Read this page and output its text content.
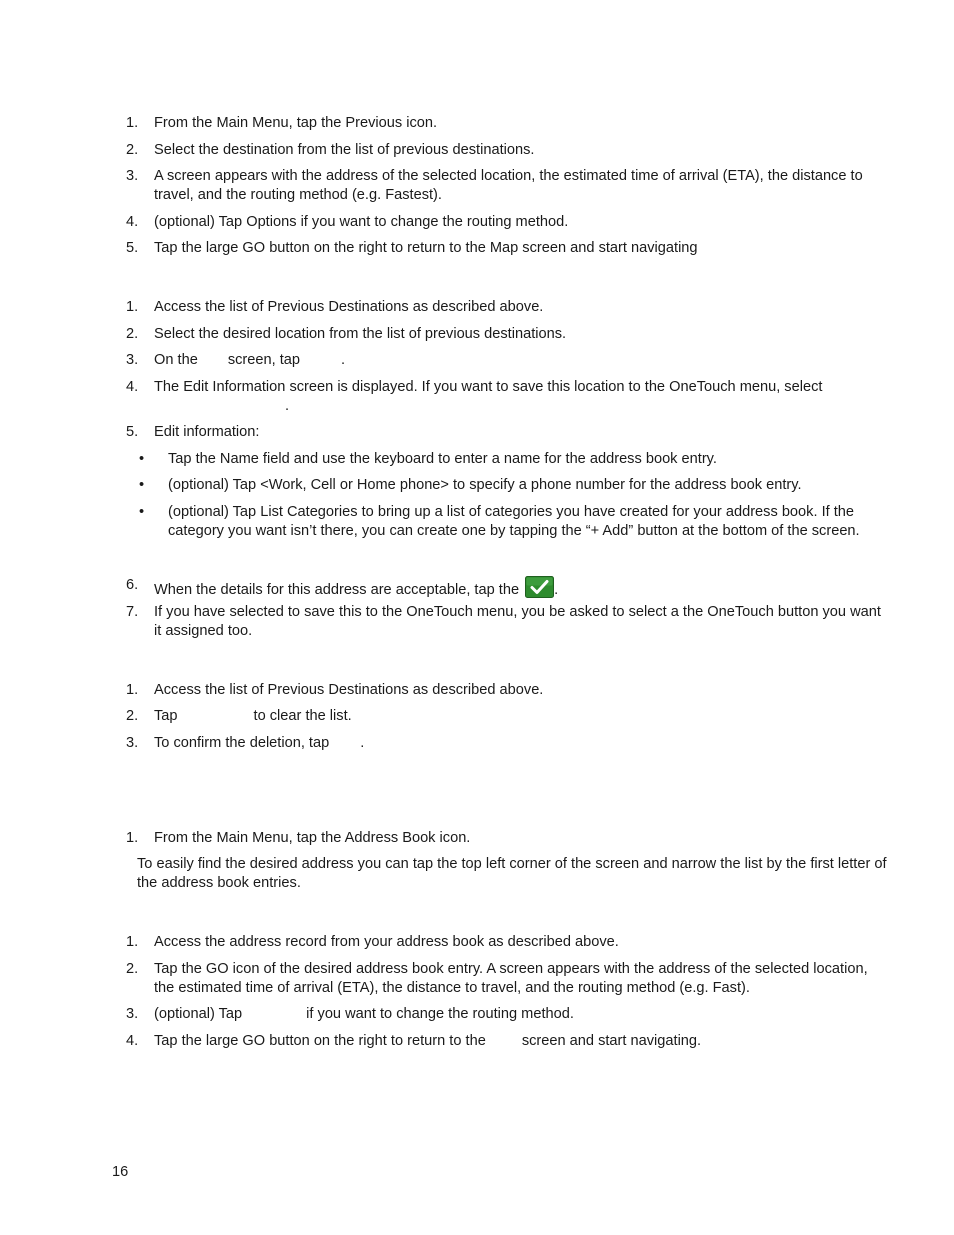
1. From the Main Menu, tap the Previous icon.
2. Select the destination from the list of previous destinations.
3. A screen appears with the address of the selected location, the estimated time of arrival (ETA), the distance to travel, and the routing method (e.g. Fastest).
4. (optional) Tap Options if you want to change the routing method.
5. Tap the large GO button on the right to return to the Map screen and start navigating
1. Access the list of Previous Destinations as described above.
2. Select the desired location from the list of previous destinations.
3. On the screen, tap	.
4. The Edit Information screen is displayed. If you want to save this location to the OneTouch menu, select
.
5. Edit information:
• Tap the Name field and use the keyboard to enter a name for the address book entry.
• (optional) Tap <Work, Cell or Home phone> to specify a phone number for the address book entry.
• (optional) Tap List Categories to bring up a list of categories you have created for your address book. If the category you want isn’t there, you can create one by tapping the “+ Add” button at the bottom of the screen.
6. When the details for this address are acceptable, tap the .
7. If you have selected to save this to the OneTouch menu, you be asked to select a the OneTouch button you want it assigned too.
1. Access the list of Previous Destinations as described above.
2. Tap	to clear the list.
3. To confirm the deletion, tap .
1. From the Main Menu, tap the Address Book icon.
To easily find the desired address you can tap the top left corner of the screen and narrow the list by the first letter of the address book entries.
1. Access the address record from your address book as described above.
2. Tap the GO icon of the desired address book entry. A screen appears with the address of the selected location, the estimated time of arrival (ETA), the distance to travel, and the routing method (e.g. Fast).
3. (optional) Tap	if you want to change the routing method.
4. Tap the large GO button on the right to return to the screen and start navigating.
16
